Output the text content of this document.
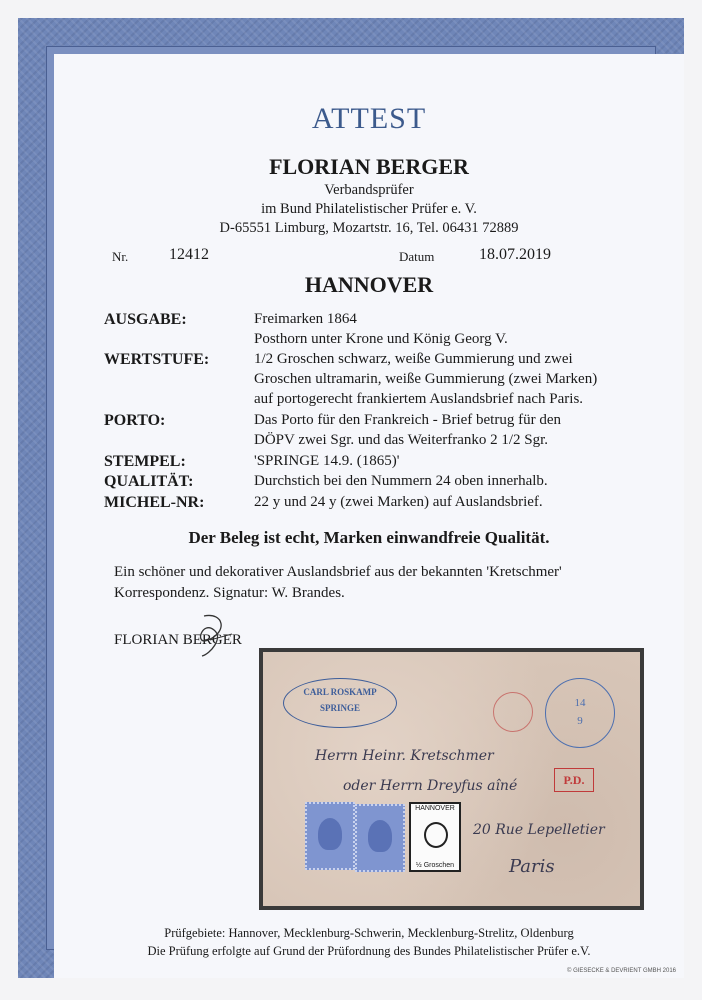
ATTEST
FLORIAN BERGER
Verbandsprüfer
im Bund Philatelistischer Prüfer e. V.
D-65551 Limburg, Mozartstr. 16, Tel. 06431 72889
Nr.	12412	Datum	18.07.2019
HANNOVER
AUSGABE:	Freimarken 1864
Posthorn unter Krone und König Georg V.
WERTSTUFE:	1/2 Groschen schwarz, weiße Gummierung und zwei
Groschen ultramarin, weiße Gummierung (zwei Marken)
auf portogerecht frankiertem Auslandsbrief nach Paris.
PORTO:	Das Porto für den Frankreich - Brief betrug für den
DÖPV zwei Sgr. und das Weiterfranko 2 1/2 Sgr.
STEMPEL:	'SPRINGE 14.9. (1865)'
QUALITÄT:	Durchstich bei den Nummern 24 oben innerhalb.
MICHEL-NR:	22 y und 24 y (zwei Marken) auf Auslandsbrief.
Der Beleg ist echt, Marken einwandfreie Qualität.
Ein schöner und dekorativer Auslandsbrief aus der bekannten 'Kretschmer'
Korrespondenz. Signatur: W. Brandes.
FLORIAN BERGER
CARL ROSKAMP
SPRINGE	14
9
P.D.
Herrn Heinr. Kretschmer
oder Herrn Dreyfus aîné
20 Rue Lepelletier
Paris
HANNOVER
½ Groschen
Prüfgebiete: Hannover, Mecklenburg-Schwerin, Mecklenburg-Strelitz, Oldenburg
Die Prüfung erfolgte auf Grund der Prüfordnung des Bundes Philatelistischer Prüfer e.V.
© GIESECKE & DEVRIENT GMBH 2016
